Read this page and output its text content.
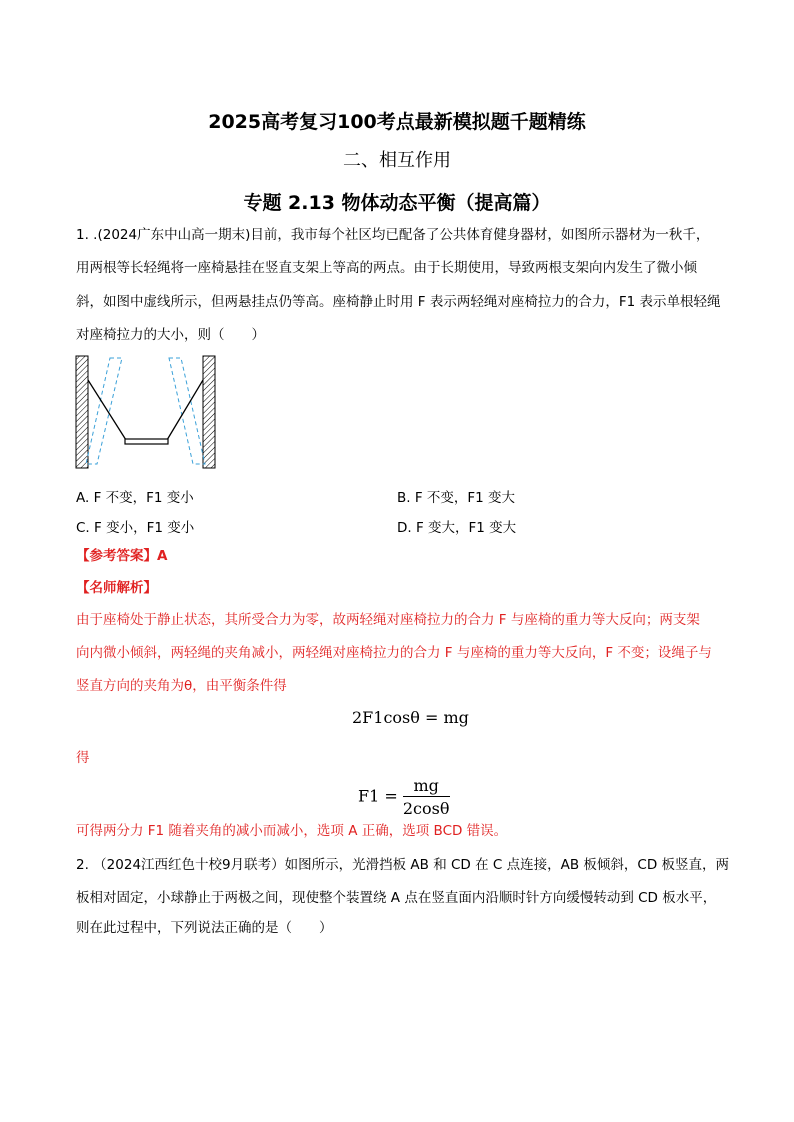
2025高考复习100考点最新模拟题千题精练
二、相互作用
专题 2.13 物体动态平衡（提高篇）
1. .(2024广东中山高一期末)目前，我市每个社区均已配备了公共体育健身器材，如图所示器材为一秋千，
用两根等长轻绳将一座椅悬挂在竖直支架上等高的两点。由于长期使用，导致两根支架向内发生了微小倾
斜，如图中虚线所示，但两悬挂点仍等高。座椅静止时用 F 表示两轻绳对座椅拉力的合力，F1 表示单根轻绳
对座椅拉力的大小，则（　　）
A. F 不变，F1 变小	B. F 不变，F1 变大
C. F 变小，F1 变小	D. F 变大，F1 变大
【参考答案】A
【名师解析】
由于座椅处于静止状态，其所受合力为零，故两轻绳对座椅拉力的合力 F 与座椅的重力等大反向；两支架
向内微小倾斜，两轻绳的夹角减小，两轻绳对座椅拉力的合力 F 与座椅的重力等大反向，F 不变；设绳子与
竖直方向的夹角为θ，由平衡条件得
2F1cosθ = mg
得
$F1 = \frac{mg}{2\cos\theta}$
可得两分力 F1 随着夹角的减小而减小，选项 A 正确，选项 BCD 错误。
2. （2024江西红色十校9月联考）如图所示，光滑挡板 AB 和 CD 在 C 点连接，AB 板倾斜，CD 板竖直，两
板相对固定，小球静止于两极之间，现使整个装置绕 A 点在竖直面内沿顺时针方向缓慢转动到 CD 板水平，
则在此过程中，下列说法正确的是（　　）
